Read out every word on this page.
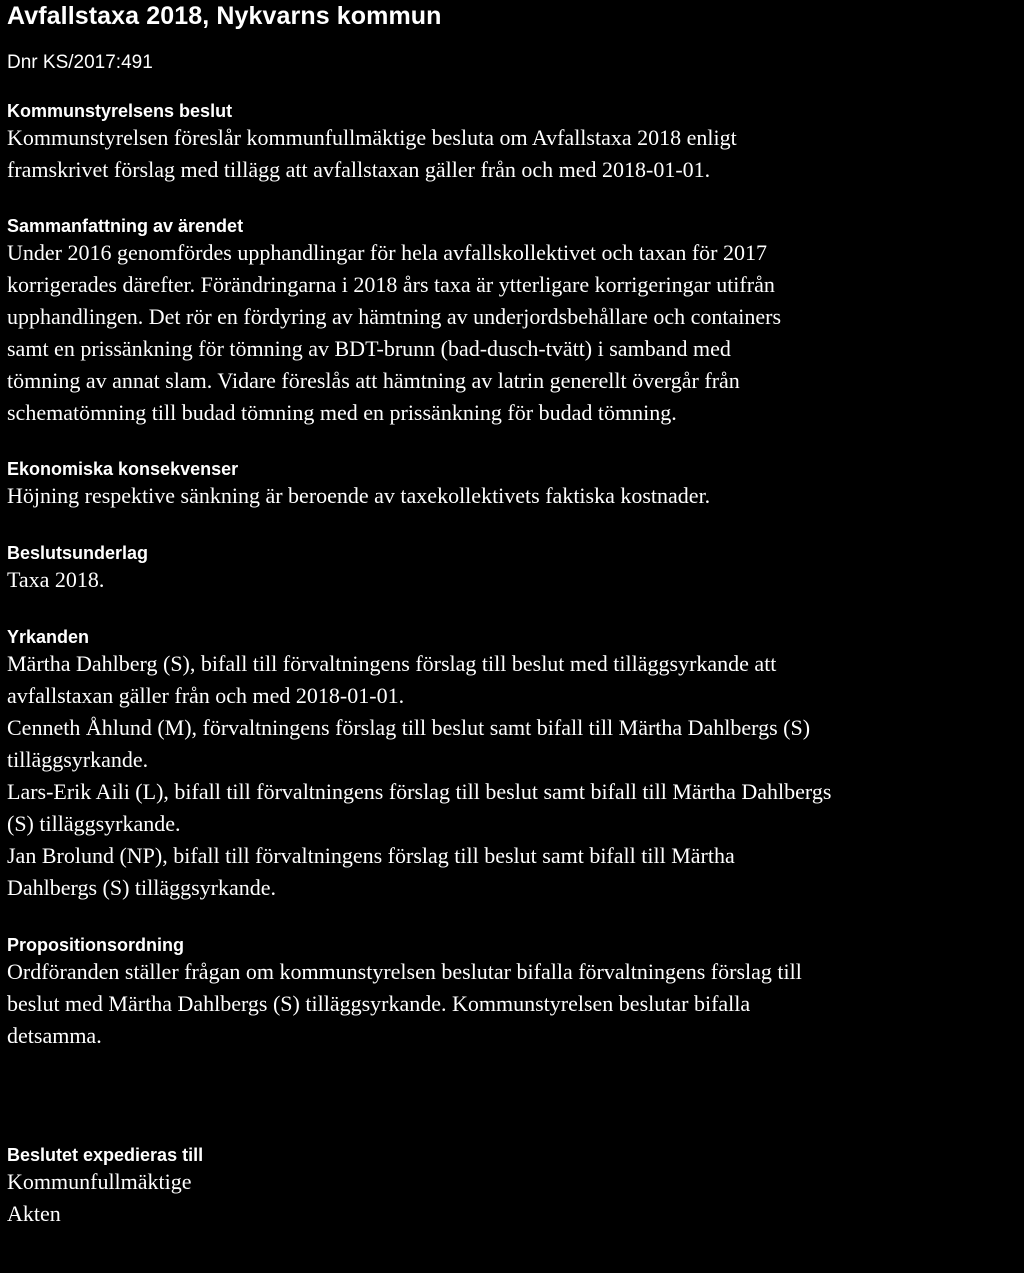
Avfallstaxa 2018, Nykvarns kommun
Dnr KS/2017:491
Kommunstyrelsens beslut

Kommunstyrelsen föreslår kommunfullmäktige besluta om Avfallstaxa 2018 enligt
framskrivet förslag med tillägg att avfallstaxan gäller från och med 2018-01-01.

Sammanfattning av ärendet

Under 2016 genomfördes upphandlingar för hela avfallskollektivet och taxan för 2017
korrigerades därefter. Förändringarna i 2018 års taxa är ytterligare korrigeringar utifrån
upphandlingen. Det rör en fördyring av hämtning av underjordsbehållare och containers
samt en prissänkning för tömning av BDT-brunn (bad-dusch-tvätt) i samband med
tömning av annat slam. Vidare föreslås att hämtning av latrin generellt övergår från
schematömning till budad tömning med en prissänkning för budad tömning.

Ekonomiska konsekvenser

Höjning respektive sänkning är beroende av taxekollektivets faktiska kostnader.

Beslutsunderlag

Taxa 2018.

Yrkanden

Märtha Dahlberg (S), bifall till förvaltningens förslag till beslut med tilläggsyrkande att
avfallstaxan gäller från och med 2018-01-01.
Cenneth Åhlund (M), förvaltningens förslag till beslut samt bifall till Märtha Dahlbergs (S)
tilläggsyrkande.
Lars-Erik Aili (L), bifall till förvaltningens förslag till beslut samt bifall till Märtha Dahlbergs
(S) tilläggsyrkande.
Jan Brolund (NP), bifall till förvaltningens förslag till beslut samt bifall till Märtha
Dahlbergs (S) tilläggsyrkande.

Propositionsordning

Ordföranden ställer frågan om kommunstyrelsen beslutar bifalla förvaltningens förslag till
beslut med Märtha Dahlbergs (S) tilläggsyrkande. Kommunstyrelsen beslutar bifalla
detsamma.

Beslutet expedieras till

Kommunfullmäktige
Akten
